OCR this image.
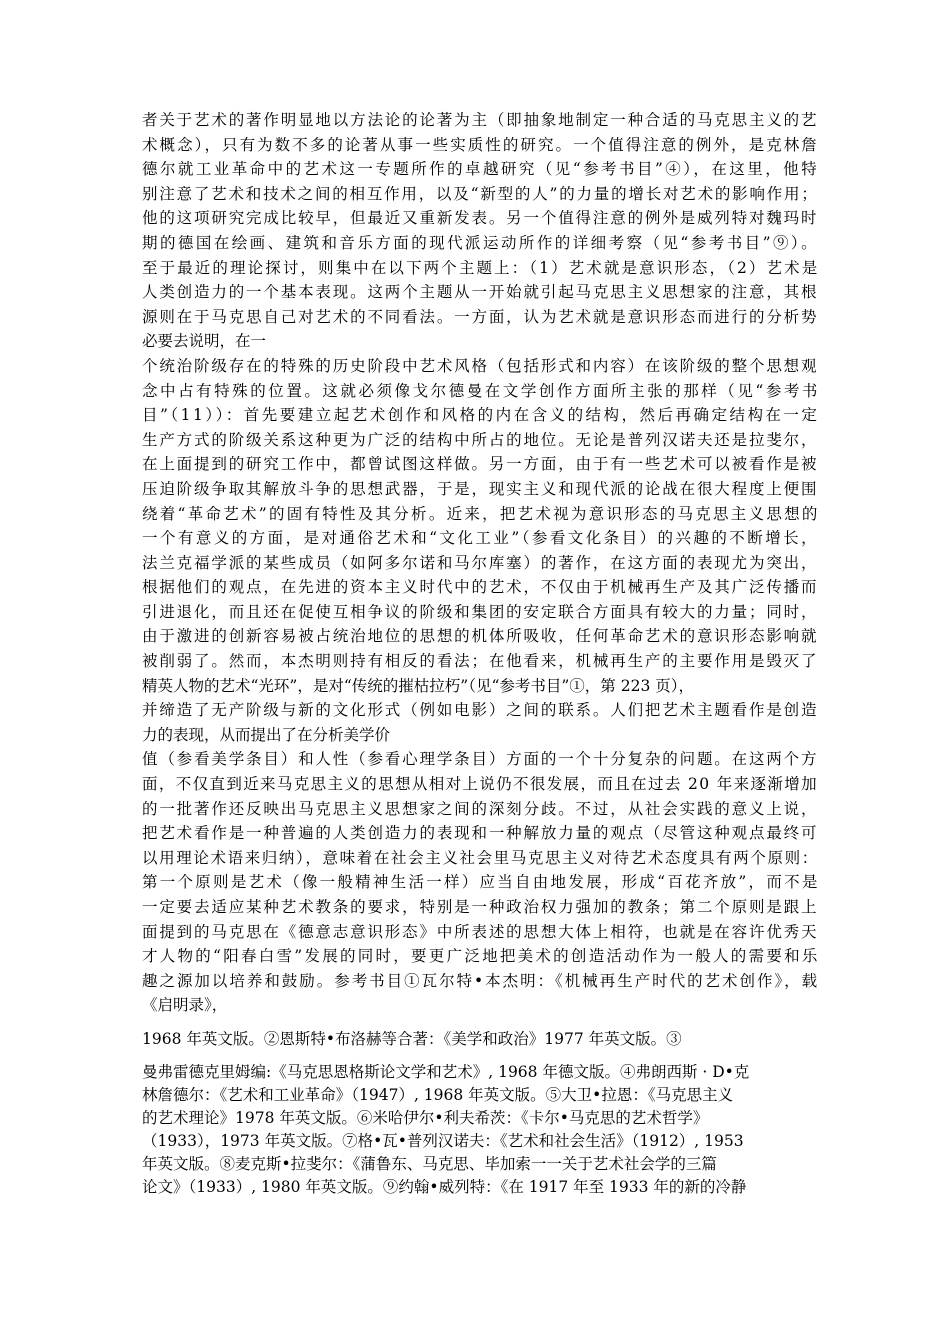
者关于艺术的著作明显地以方法论的论著为主（即抽象地制定一种合适的马克思主义的艺
术概念），只有为数不多的论著从事一些实质性的研究。一个值得注意的例外，是克林詹
德尔就工业革命中的艺术这一专题所作的卓越研究（见“参考书目”④），在这里，他特
别注意了艺术和技术之间的相互作用，以及“新型的人”的力量的增长对艺术的影响作用；
他的这项研究完成比较早，但最近又重新发表。另一个值得注意的例外是威列特对魏玛时
期的德国在绘画、建筑和音乐方面的现代派运动所作的详细考察（见“参考书目”⑨）。
至于最近的理论探讨，则集中在以下两个主题上：（1）艺术就是意识形态，（2）艺术是
人类创造力的一个基本表现。这两个主题从一开始就引起马克思主义思想家的注意，其根
源则在于马克思自己对艺术的不同看法。一方面，认为艺术就是意识形态而进行的分析势
必要去说明，在一
个统治阶级存在的特殊的历史阶段中艺术风格（包括形式和内容）在该阶级的整个思想观
念中占有特殊的位置。这就必须像戈尔德曼在文学创作方面所主张的那样（见“参考书
目”（11））：首先要建立起艺术创作和风格的内在含义的结构，然后再确定结构在一定
生产方式的阶级关系这种更为广泛的结构中所占的地位。无论是普列汉诺夫还是拉斐尔，
在上面提到的研究工作中，都曾试图这样做。另一方面，由于有一些艺术可以被看作是被
压迫阶级争取其解放斗争的思想武器，于是，现实主义和现代派的论战在很大程度上便围
绕着“革命艺术”的固有特性及其分析。近来，把艺术视为意识形态的马克思主义思想的
一个有意义的方面，是对通俗艺术和“文化工业”（参看文化条目）的兴趣的不断增长，
法兰克福学派的某些成员（如阿多尔诺和马尔库塞）的著作，在这方面的表现尤为突出，
根据他们的观点，在先进的资本主义时代中的艺术，不仅由于机械再生产及其广泛传播而
引进退化，而且还在促使互相争议的阶级和集团的安定联合方面具有较大的力量；同时，
由于激进的创新容易被占统治地位的思想的机体所吸收，任何革命艺术的意识形态影响就
被削弱了。然而，本杰明则持有相反的看法；在他看来，机械再生产的主要作用是毁灭了
精英人物的艺术“光环”，是对“传统的摧枯拉朽”（见“参考书目”①，第 223 页），
并缔造了无产阶级与新的文化形式（例如电影）之间的联系。人们把艺术主题看作是创造
力的表现，从而提出了在分析美学价
值（参看美学条目）和人性（参看心理学条目）方面的一个十分复杂的问题。在这两个方
面，不仅直到近来马克思主义的思想从相对上说仍不很发展，而且在过去 20 年来逐渐增加
的一批著作还反映出马克思主义思想家之间的深刻分歧。不过，从社会实践的意义上说，
把艺术看作是一种普遍的人类创造力的表现和一种解放力量的观点（尽管这种观点最终可
以用理论术语来归纳），意味着在社会主义社会里马克思主义对待艺术态度具有两个原则：
第一个原则是艺术（像一般精神生活一样）应当自由地发展，形成“百花齐放”，而不是
一定要去适应某种艺术教条的要求，特别是一种政治权力强加的教条；第二个原则是跟上
面提到的马克思在《德意志意识形态》中所表述的思想大体上相符，也就是在容许优秀天
才人物的“阳春白雪”发展的同时，要更广泛地把美术的创造活动作为一般人的需要和乐
趣之源加以培养和鼓励。参考书目①瓦尔特•本杰明：《机械再生产时代的艺术创作》，载
《启明录》，
1968 年英文版。②恩斯特•布洛赫等合著：《美学和政治》1977 年英文版。③
曼弗雷德克里姆编:《马克思恩格斯论文学和艺术》, 1968 年德文版。④弗朗西斯 · D•克
林詹德尔：《艺术和工业革命》（1947）, 1968 年英文版。⑤大卫•拉恩：《马克思主义
的艺术理论》1978 年英文版。⑥米哈伊尔•利夫希茨：《卡尔•马克思的艺术哲学》
（1933），1973 年英文版。⑦格•瓦•普列汉诺夫：《艺术和社会生活》（1912）, 1953
年英文版。⑧麦克斯•拉斐尔：《蒲鲁东、马克思、毕加索一一关于艺术社会学的三篇
论文》（1933）, 1980 年英文版。⑨约翰•威列特：《在 1917 年至 1933 年的新的冷静
